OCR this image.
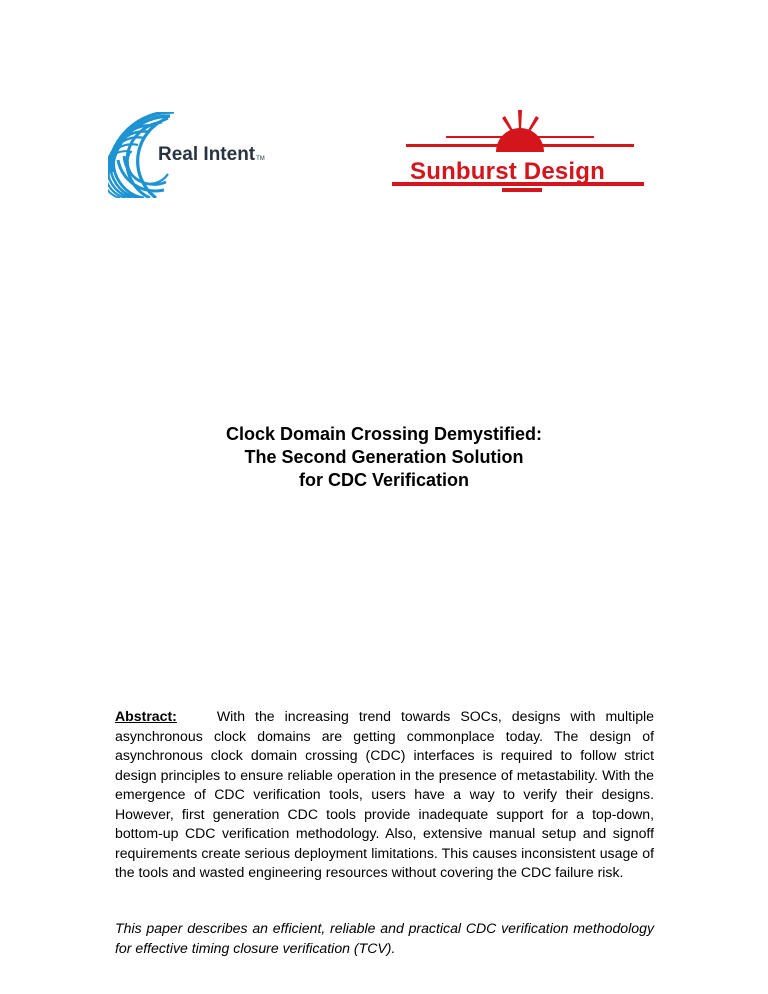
Real IntentTM	Sunburst Design
Clock Domain Crossing Demystified:
The Second Generation Solution
for CDC Verification

Abstract:	With the increasing trend towards SOCs, designs with multiple asynchronous clock domains are getting commonplace today. The design of asynchronous clock domain crossing (CDC) interfaces is required to follow strict design principles to ensure reliable operation in the presence of metastability. With the emergence of CDC verification tools, users have a way to verify their designs. However, first generation CDC tools provide inadequate support for a top-down, bottom-up CDC verification methodology. Also, extensive manual setup and signoff requirements create serious deployment limitations. This causes inconsistent usage of the tools and wasted engineering resources without covering the CDC failure risk.

This paper describes an efficient, reliable and practical CDC verification methodology for effective timing closure verification (TCV).
